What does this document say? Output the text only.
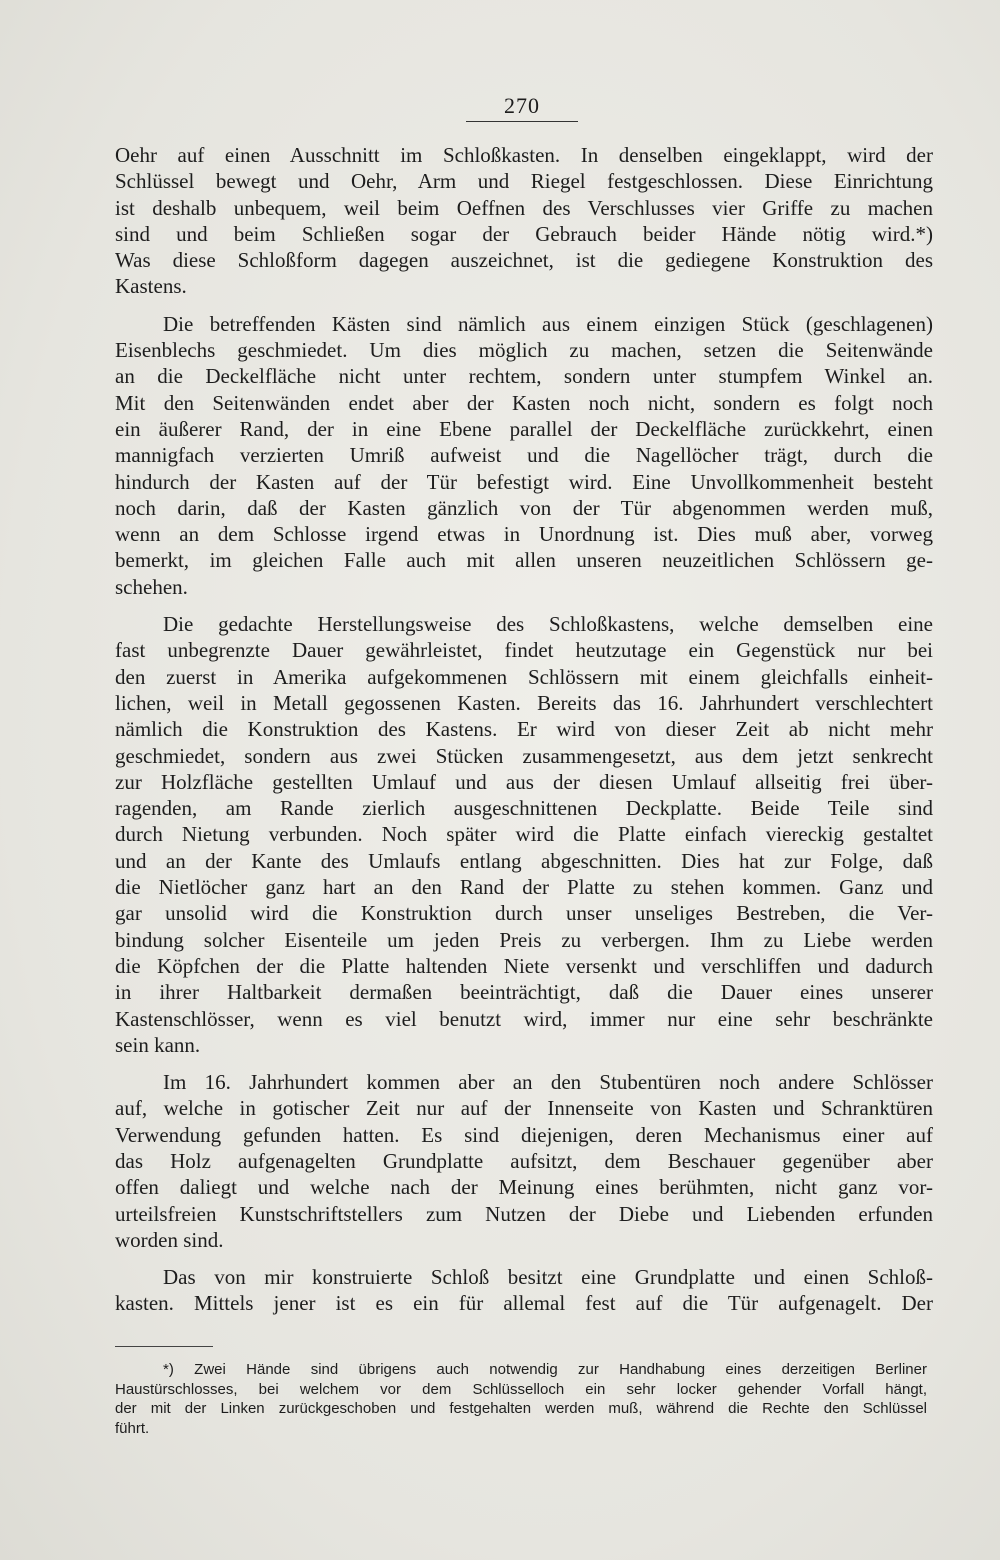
270
Oehr auf einen Ausschnitt im Schloßkasten. In denselben eingeklappt, wird der
Schlüssel bewegt und Oehr, Arm und Riegel festgeschlossen. Diese Einrichtung
ist deshalb unbequem, weil beim Oeffnen des Verschlusses vier Griffe zu machen
sind und beim Schließen sogar der Gebrauch beider Hände nötig wird.*)
Was diese Schloßform dagegen auszeichnet, ist die gediegene Konstruktion des
Kastens.
Die betreffenden Kästen sind nämlich aus einem einzigen Stück (geschlagenen)
Eisenblechs geschmiedet. Um dies möglich zu machen, setzen die Seitenwände
an die Deckelfläche nicht unter rechtem, sondern unter stumpfem Winkel an.
Mit den Seitenwänden endet aber der Kasten noch nicht, sondern es folgt noch
ein äußerer Rand, der in eine Ebene parallel der Deckelfläche zurückkehrt, einen
mannigfach verzierten Umriß aufweist und die Nagellöcher trägt, durch die
hindurch der Kasten auf der Tür befestigt wird. Eine Unvollkommenheit besteht
noch darin, daß der Kasten gänzlich von der Tür abgenommen werden muß,
wenn an dem Schlosse irgend etwas in Unordnung ist. Dies muß aber, vorweg
bemerkt, im gleichen Falle auch mit allen unseren neuzeitlichen Schlössern ge-
schehen.
Die gedachte Herstellungsweise des Schloßkastens, welche demselben eine
fast unbegrenzte Dauer gewährleistet, findet heutzutage ein Gegenstück nur bei
den zuerst in Amerika aufgekommenen Schlössern mit einem gleichfalls einheit-
lichen, weil in Metall gegossenen Kasten. Bereits das 16. Jahrhundert verschlechtert
nämlich die Konstruktion des Kastens. Er wird von dieser Zeit ab nicht mehr
geschmiedet, sondern aus zwei Stücken zusammengesetzt, aus dem jetzt senkrecht
zur Holzfläche gestellten Umlauf und aus der diesen Umlauf allseitig frei über-
ragenden, am Rande zierlich ausgeschnittenen Deckplatte. Beide Teile sind
durch Nietung verbunden. Noch später wird die Platte einfach viereckig gestaltet
und an der Kante des Umlaufs entlang abgeschnitten. Dies hat zur Folge, daß
die Nietlöcher ganz hart an den Rand der Platte zu stehen kommen. Ganz und
gar unsolid wird die Konstruktion durch unser unseliges Bestreben, die Ver-
bindung solcher Eisenteile um jeden Preis zu verbergen. Ihm zu Liebe werden
die Köpfchen der die Platte haltenden Niete versenkt und verschliffen und dadurch
in ihrer Haltbarkeit dermaßen beeinträchtigt, daß die Dauer eines unserer
Kastenschlösser, wenn es viel benutzt wird, immer nur eine sehr beschränkte
sein kann.
Im 16. Jahrhundert kommen aber an den Stubentüren noch andere Schlösser
auf, welche in gotischer Zeit nur auf der Innenseite von Kasten und Schranktüren
Verwendung gefunden hatten. Es sind diejenigen, deren Mechanismus einer auf
das Holz aufgenagelten Grundplatte aufsitzt, dem Beschauer gegenüber aber
offen daliegt und welche nach der Meinung eines berühmten, nicht ganz vor-
urteilsfreien Kunstschriftstellers zum Nutzen der Diebe und Liebenden erfunden
worden sind.
Das von mir konstruierte Schloß besitzt eine Grundplatte und einen Schloß-
kasten. Mittels jener ist es ein für allemal fest auf die Tür aufgenagelt. Der
*) Zwei Hände sind übrigens auch notwendig zur Handhabung eines derzeitigen Berliner
Haustürschlosses, bei welchem vor dem Schlüsselloch ein sehr locker gehender Vorfall hängt,
der mit der Linken zurückgeschoben und festgehalten werden muß, während die Rechte den Schlüssel
führt.
